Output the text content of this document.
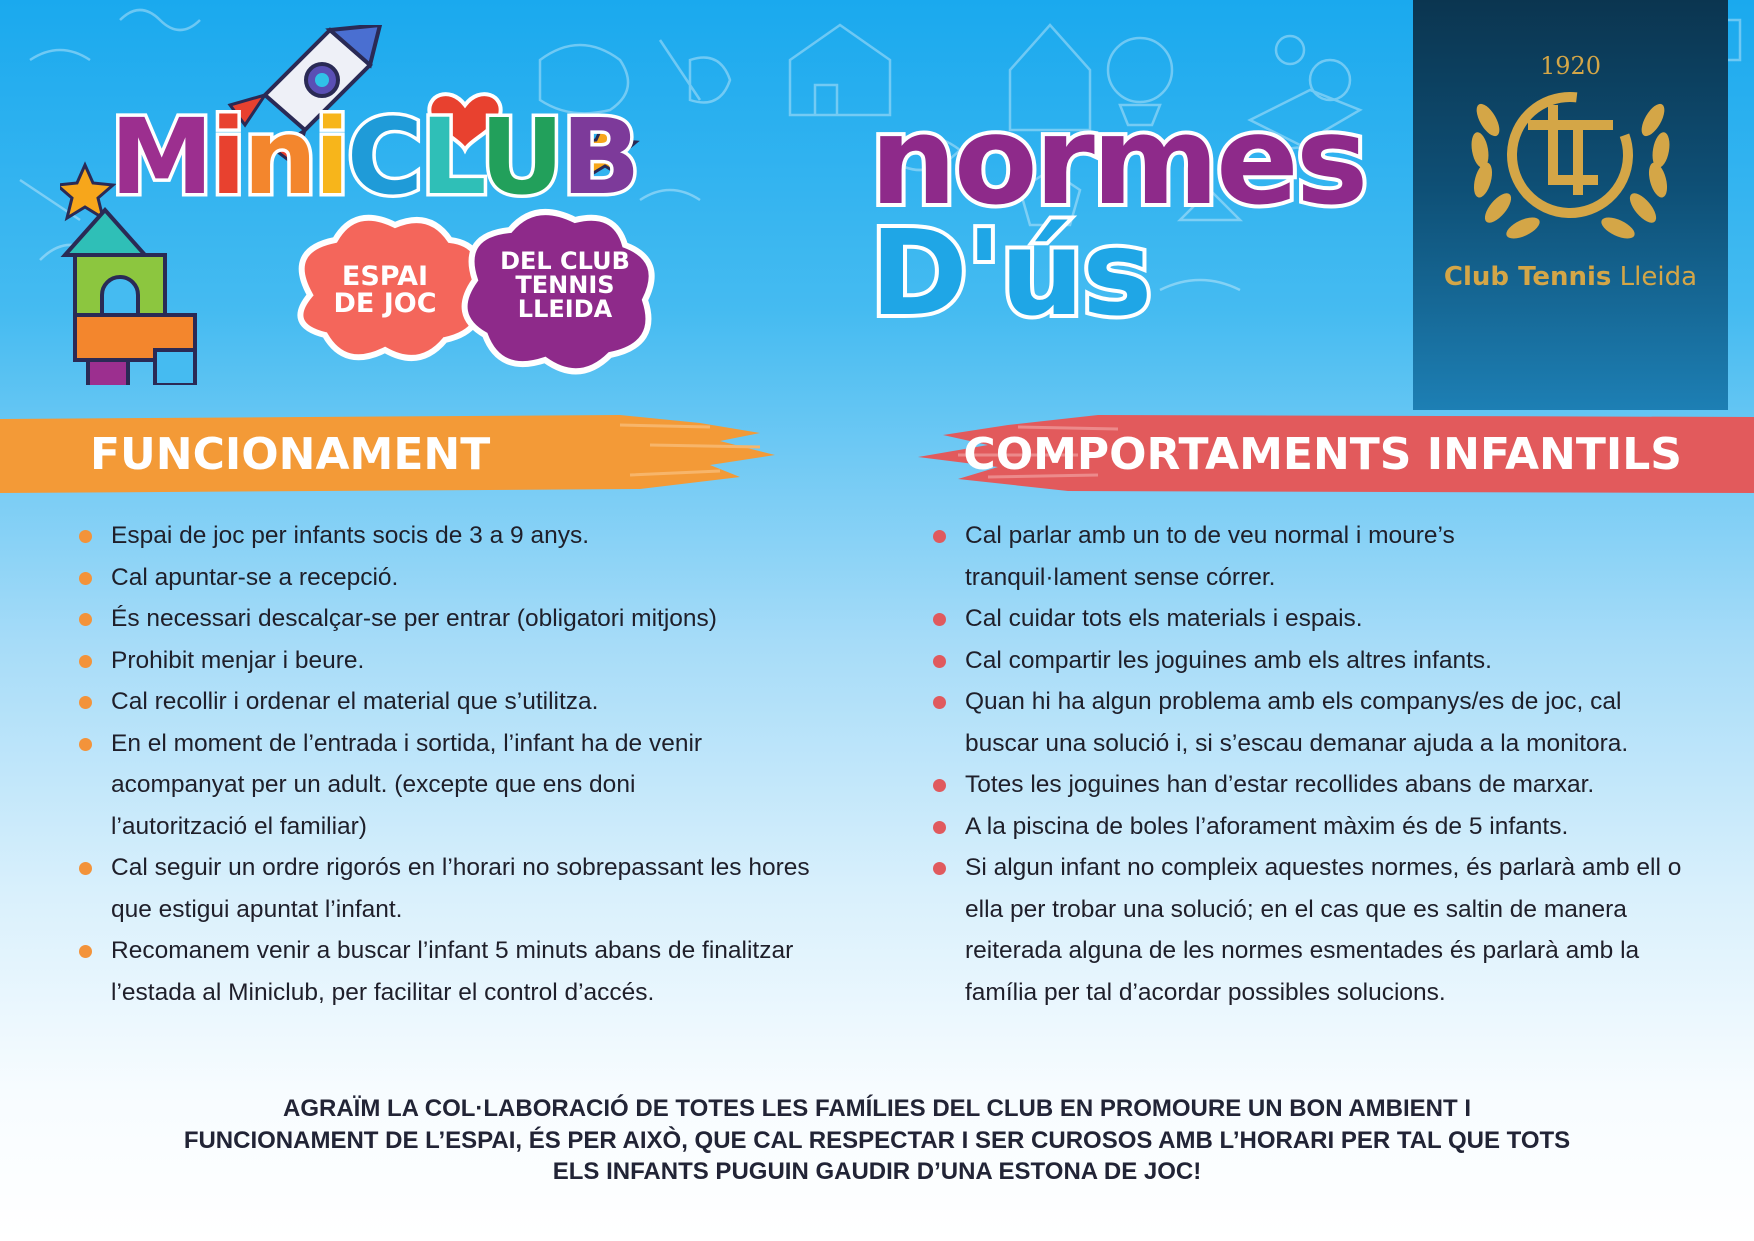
MiniCLUB
ESPAI
DE JOC
DEL CLUB
TENNIS
LLEIDA
normes
D'ús
1920
Club Tennis Lleida
FUNCIONAMENT	COMPORTAMENTS INFANTILS
Espai de joc per infants socis de 3 a 9 anys.
Cal apuntar-se a recepció.
És necessari descalçar-se per entrar (obligatori mitjons)
Prohibit menjar i beure.
Cal recollir i ordenar el material que s’utilitza.
En el moment de l’entrada i sortida, l’infant ha de venir acompanyat per un adult. (excepte que ens doni l’autorització el familiar)
Cal seguir un ordre rigorós en l’horari no sobrepassant les hores que estigui apuntat l’infant.
Recomanem venir a buscar l’infant 5 minuts abans de finalitzar l’estada al Miniclub, per facilitar el control d’accés.
Cal parlar amb un to de veu normal i moure’s tranquil·lament sense córrer.
Cal cuidar tots els materials i espais.
Cal compartir les joguines amb els altres infants.
Quan hi ha algun problema amb els companys/es de joc, cal buscar una solució i, si s’escau demanar ajuda a la monitora.
Totes les joguines han d’estar recollides abans de marxar.
A la piscina de boles l’aforament màxim és de 5 infants.
Si algun infant no compleix aquestes normes, és parlarà amb ell o ella per trobar una solució; en el cas que es saltin de manera reiterada alguna de les normes esmentades és parlarà amb la família per tal d’acordar possibles solucions.
AGRAÏM LA COL·LABORACIÓ DE TOTES LES FAMÍLIES DEL CLUB EN PROMOURE UN BON AMBIENT I
FUNCIONAMENT DE L’ESPAI, ÉS PER AIXÒ, QUE CAL RESPECTAR I SER CUROSOS AMB L’HORARI PER TAL QUE TOTS
ELS INFANTS PUGUIN GAUDIR D’UNA ESTONA DE JOC!
